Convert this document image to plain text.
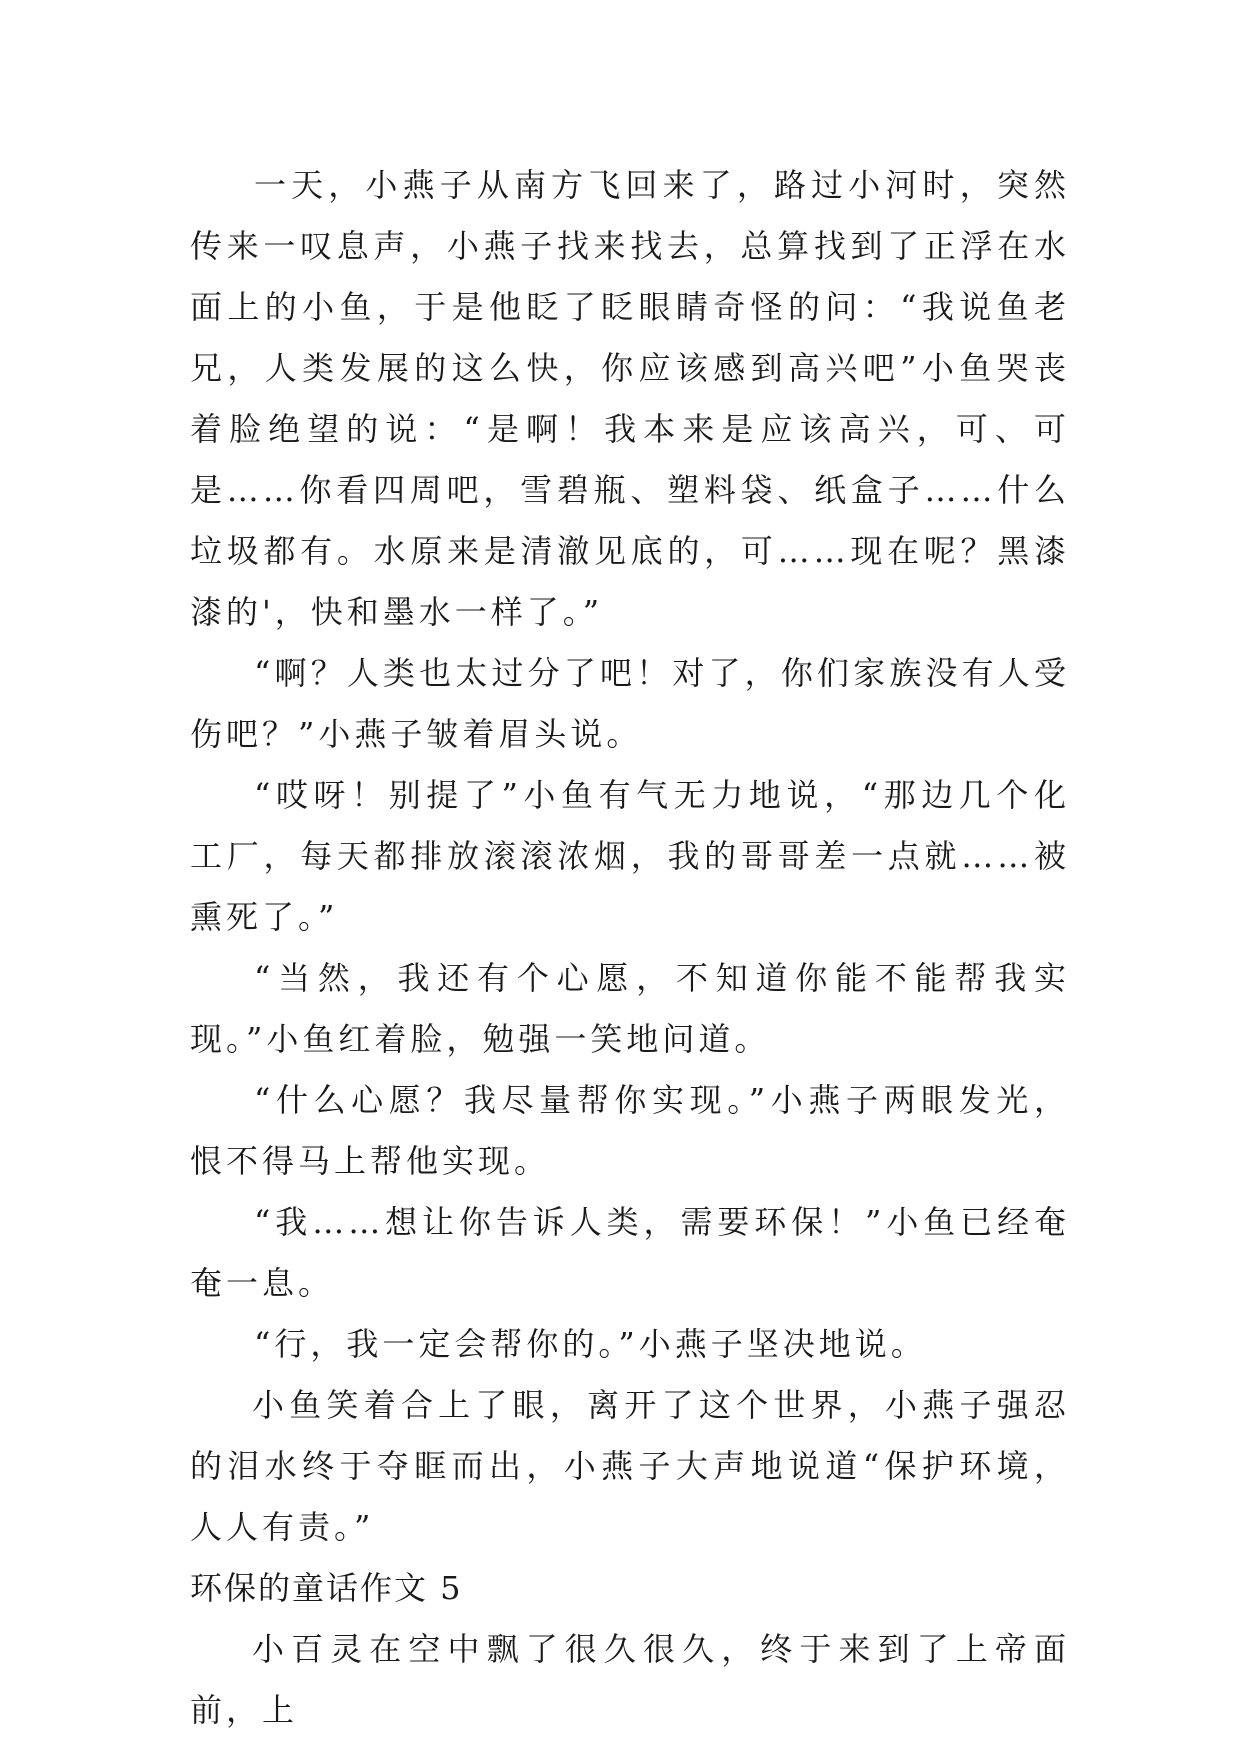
一天，小燕子从南方飞回来了，路过小河时，突然传来一叹息声，小燕子找来找去，总算找到了正浮在水面上的小鱼，于是他眨了眨眼睛奇怪的问：“我说鱼老兄，人类发展的这么快，你应该感到高兴吧”小鱼哭丧着脸绝望的说：“是啊！我本来是应该高兴，可、可是……你看四周吧，雪碧瓶、塑料袋、纸盒子……什么垃圾都有。水原来是清澈见底的，可……现在呢？黑漆漆的'，快和墨水一样了。”

“啊？人类也太过分了吧！对了，你们家族没有人受伤吧？”小燕子皱着眉头说。

“哎呀！别提了”小鱼有气无力地说，“那边几个化工厂，每天都排放滚滚浓烟，我的哥哥差一点就……被熏死了。”

“当然，我还有个心愿，不知道你能不能帮我实现。”小鱼红着脸，勉强一笑地问道。

“什么心愿？我尽量帮你实现。”小燕子两眼发光，恨不得马上帮他实现。

“我……想让你告诉人类，需要环保！”小鱼已经奄奄一息。

“行，我一定会帮你的。”小燕子坚决地说。

小鱼笑着合上了眼，离开了这个世界，小燕子强忍的泪水终于夺眶而出，小燕子大声地说道“保护环境，人人有责。”

环保的童话作文 5

小百灵在空中飘了很久很久，终于来到了上帝面前，上
